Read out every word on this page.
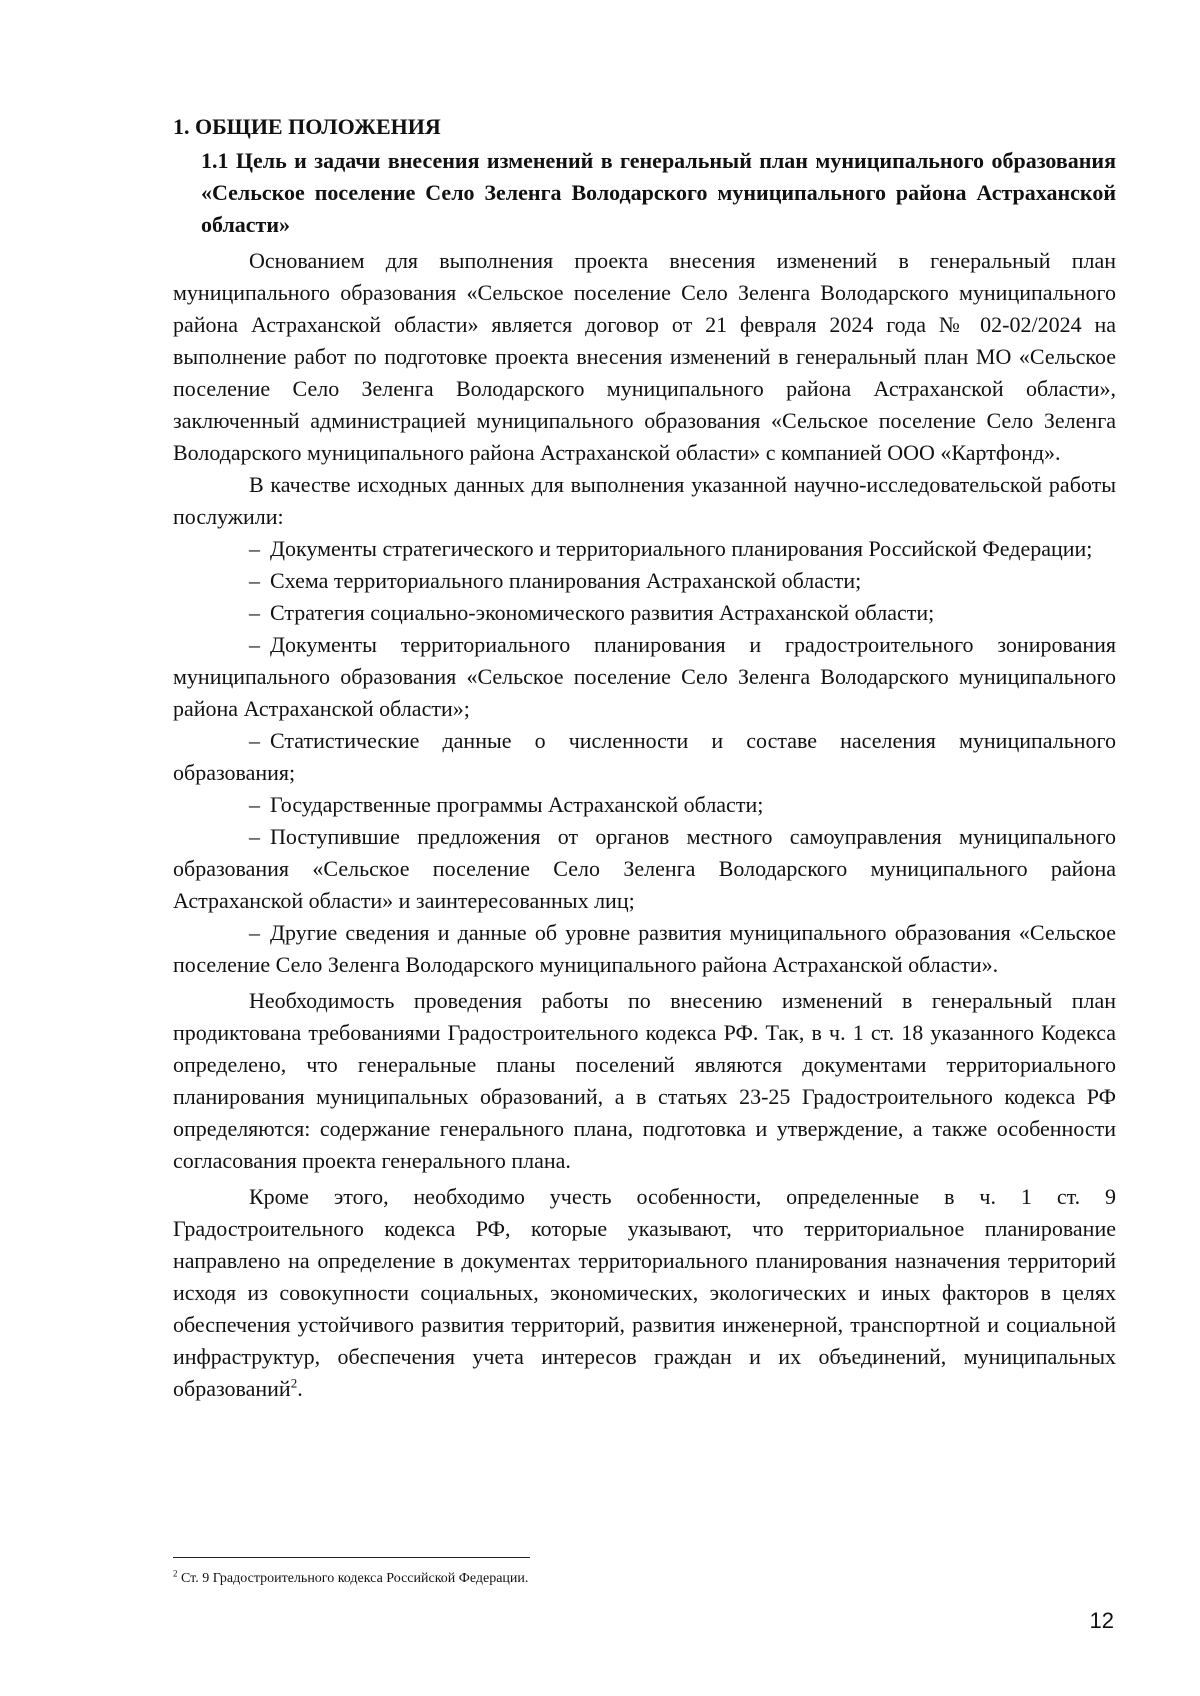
1. ОБЩИЕ ПОЛОЖЕНИЯ
1.1 Цель и задачи внесения изменений в генеральный план муниципального образования «Сельское поселение Село Зеленга Володарского муниципального района Астраханской области»

Основанием для выполнения проекта внесения изменений в генеральный план муниципального образования «Сельское поселение Село Зеленга Володарского муниципального района Астраханской области» является договор от 21 февраля 2024 года № 02-02/2024 на выполнение работ по подготовке проекта внесения изменений в генеральный план МО «Сельское поселение Село Зеленга Володарского муниципального района Астраханской области», заключенный администрацией муниципального образования «Сельское поселение Село Зеленга Володарского муниципального района Астраханской области» с компанией ООО «Картфонд».

В качестве исходных данных для выполнения указанной научно-исследовательской работы послужили:

– Документы стратегического и территориального планирования Российской Федерации;
– Схема территориального планирования Астраханской области;
– Стратегия социально-экономического развития Астраханской области;
– Документы территориального планирования и градостроительного зонирования муниципального образования «Сельское поселение Село Зеленга Володарского муниципального района Астраханской области»;
– Статистические данные о численности и составе населения муниципального образования;
– Государственные программы Астраханской области;
– Поступившие предложения от органов местного самоуправления муниципального образования «Сельское поселение Село Зеленга Володарского муниципального района Астраханской области» и заинтересованных лиц;
– Другие сведения и данные об уровне развития муниципального образования «Сельское поселение Село Зеленга Володарского муниципального района Астраханской области».

Необходимость проведения работы по внесению изменений в генеральный план продиктована требованиями Градостроительного кодекса РФ. Так, в ч. 1 ст. 18 указанного Кодекса определено, что генеральные планы поселений являются документами территориального планирования муниципальных образований, а в статьях 23-25 Градостроительного кодекса РФ определяются: содержание генерального плана, подготовка и утверждение, а также особенности согласования проекта генерального плана.

Кроме этого, необходимо учесть особенности, определенные в ч. 1 ст. 9 Градостроительного кодекса РФ, которые указывают, что территориальное планирование направлено на определение в документах территориального планирования назначения территорий исходя из совокупности социальных, экономических, экологических и иных факторов в целях обеспечения устойчивого развития территорий, развития инженерной, транспортной и социальной инфраструктур, обеспечения учета интересов граждан и их объединений, муниципальных образований$^2$.

$^2$ Ст. 9 Градостроительного кодекса Российской Федерации.
12
